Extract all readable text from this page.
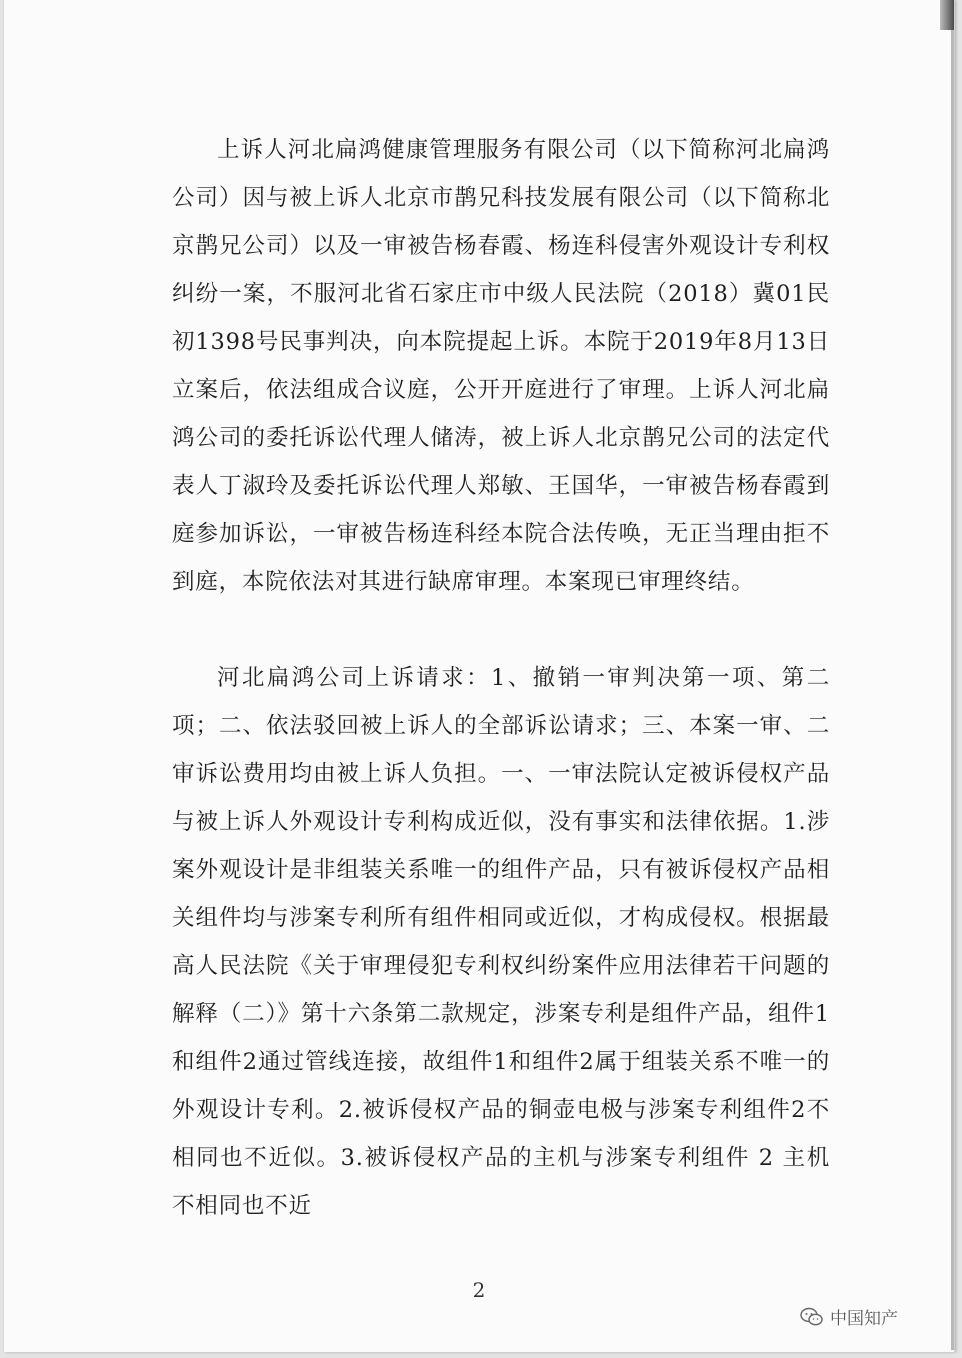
上诉人河北扁鸿健康管理服务有限公司（以下简称河北扁鸿公司）因与被上诉人北京市鹊兄科技发展有限公司（以下简称北京鹊兄公司）以及一审被告杨春霞、杨连科侵害外观设计专利权纠纷一案，不服河北省石家庄市中级人民法院（2018）冀01民初1398号民事判决，向本院提起上诉。本院于2019年8月13日立案后，依法组成合议庭，公开开庭进行了审理。上诉人河北扁鸿公司的委托诉讼代理人储涛，被上诉人北京鹊兄公司的法定代表人丁淑玲及委托诉讼代理人郑敏、王国华，一审被告杨春霞到庭参加诉讼，一审被告杨连科经本院合法传唤，无正当理由拒不到庭，本院依法对其进行缺席审理。本案现已审理终结。

河北扁鸿公司上诉请求：1、撤销一审判决第一项、第二项；二、依法驳回被上诉人的全部诉讼请求；三、本案一审、二审诉讼费用均由被上诉人负担。一、一审法院认定被诉侵权产品与被上诉人外观设计专利构成近似，没有事实和法律依据。1.涉案外观设计是非组装关系唯一的组件产品，只有被诉侵权产品相关组件均与涉案专利所有组件相同或近似，才构成侵权。根据最高人民法院《关于审理侵犯专利权纠纷案件应用法律若干问题的解释（二）》第十六条第二款规定，涉案专利是组件产品，组件1和组件2通过管线连接，故组件1和组件2属于组装关系不唯一的外观设计专利。2.被诉侵权产品的铜壶电极与涉案专利组件2不相同也不近似。3.被诉侵权产品的主机与涉案专利组件 2 主机不相同也不近

2
中国知产
